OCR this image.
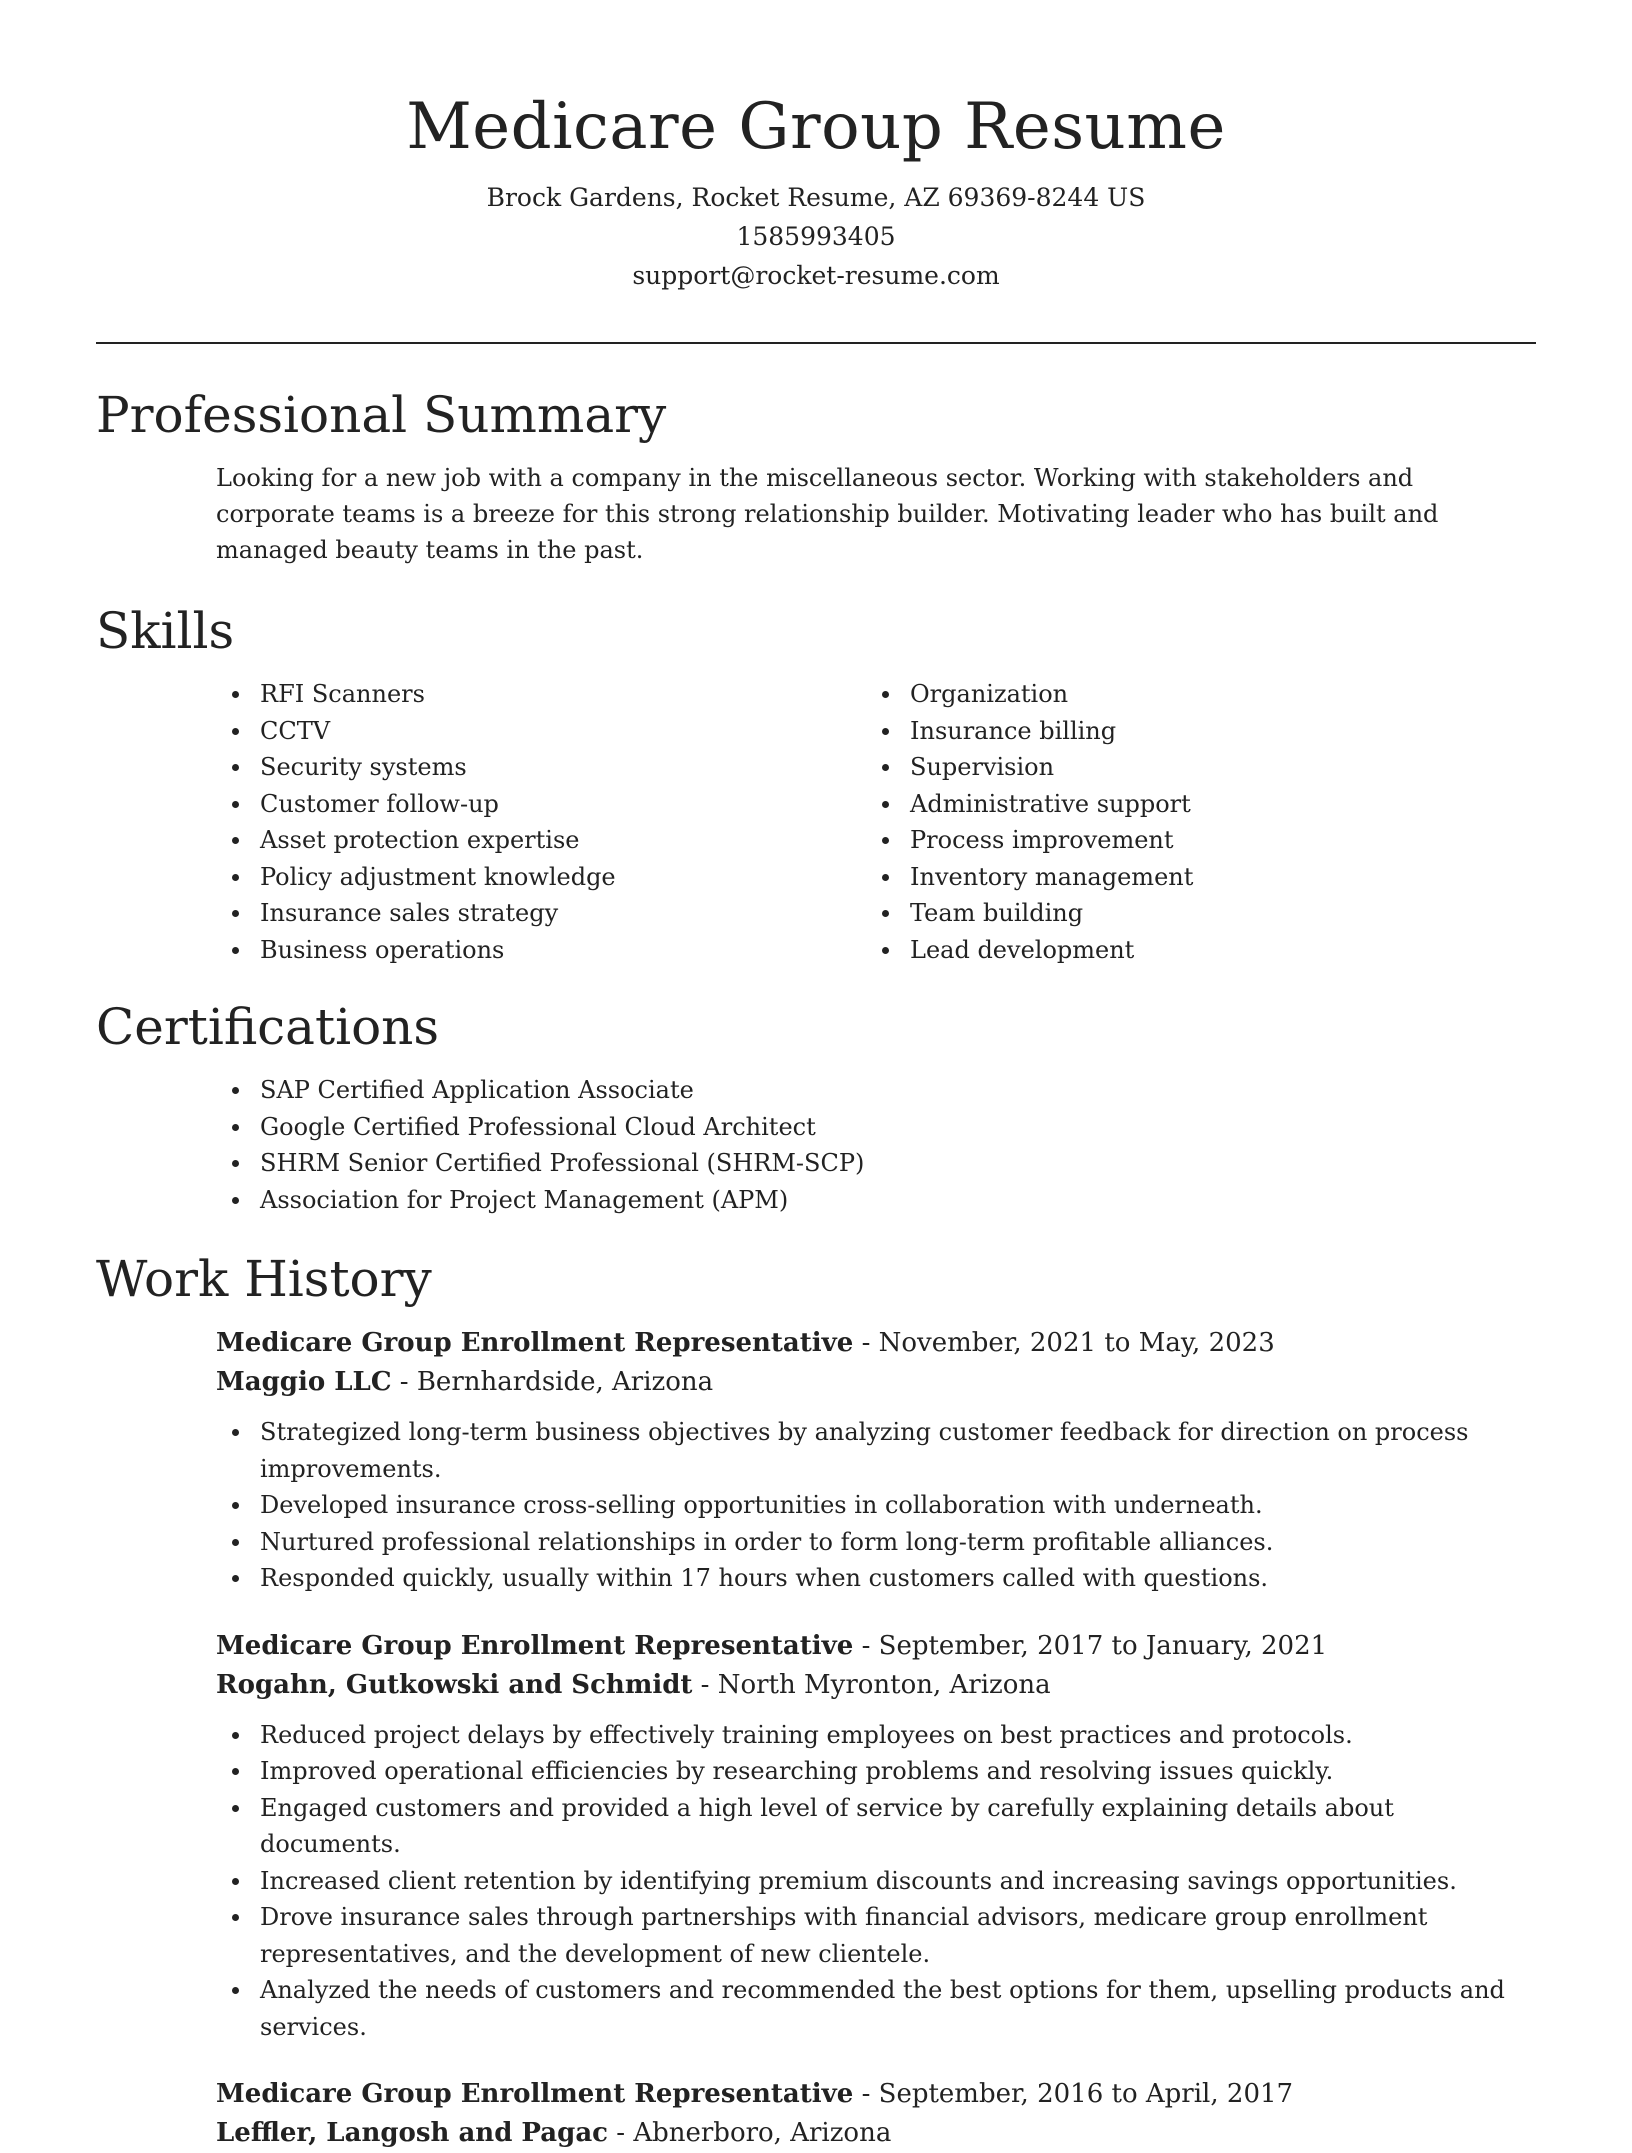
Medicare Group Resume
Brock Gardens, Rocket Resume, AZ 69369-8244 US
1585993405
support@rocket-resume.com
Professional Summary
Looking for a new job with a company in the miscellaneous sector. Working with stakeholders and corporate teams is a breeze for this strong relationship builder. Motivating leader who has built and managed beauty teams in the past.
Skills
RFI Scanners
CCTV
Security systems
Customer follow-up
Asset protection expertise
Policy adjustment knowledge
Insurance sales strategy
Business operations
Organization
Insurance billing
Supervision
Administrative support
Process improvement
Inventory management
Team building
Lead development
Certifications
SAP Certified Application Associate
Google Certified Professional Cloud Architect
SHRM Senior Certified Professional (SHRM-SCP)
Association for Project Management (APM)
Work History
Medicare Group Enrollment Representative - November, 2021 to May, 2023
Maggio LLC - Bernhardside, Arizona
Strategized long-term business objectives by analyzing customer feedback for direction on process improvements.
Developed insurance cross-selling opportunities in collaboration with underneath.
Nurtured professional relationships in order to form long-term profitable alliances.
Responded quickly, usually within 17 hours when customers called with questions.
Medicare Group Enrollment Representative - September, 2017 to January, 2021
Rogahn, Gutkowski and Schmidt - North Myronton, Arizona
Reduced project delays by effectively training employees on best practices and protocols.
Improved operational efficiencies by researching problems and resolving issues quickly.
Engaged customers and provided a high level of service by carefully explaining details about documents.
Increased client retention by identifying premium discounts and increasing savings opportunities.
Drove insurance sales through partnerships with financial advisors, medicare group enrollment representatives, and the development of new clientele.
Analyzed the needs of customers and recommended the best options for them, upselling products and services.
Medicare Group Enrollment Representative - September, 2016 to April, 2017
Leffler, Langosh and Pagac - Abnerboro, Arizona
